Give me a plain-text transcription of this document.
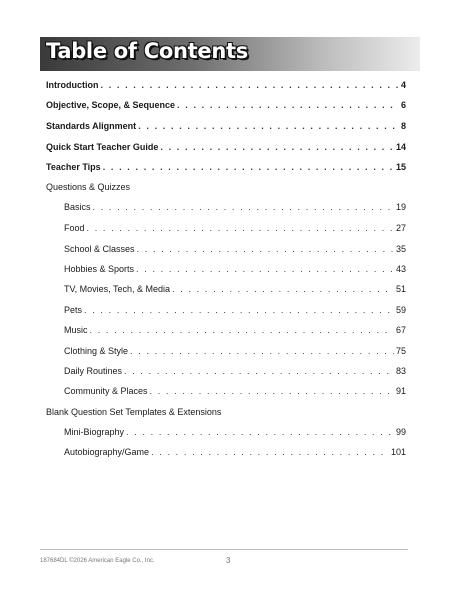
Table of Contents
Introduction . . .	4
Objective, Scope, & Sequence . . .	6
Standards Alignment . . .	8
Quick Start Teacher Guide . . .	14
Teacher Tips . . .	15
Questions & Quizzes
Basics . . .	19
Food . . .	27
School & Classes . . .	35
Hobbies & Sports . . .	43
TV, Movies, Tech, & Media . . .	51
Pets . . .	59
Music . . .	67
Clothing & Style . . .	75
Daily Routines . . .	83
Community & Places . . .	91
Blank Question Set Templates & Extensions
Mini-Biography . . .	99
Autobiography/Game . . .	101
187684DL ©2026 American Eagle Co., Inc.	3
